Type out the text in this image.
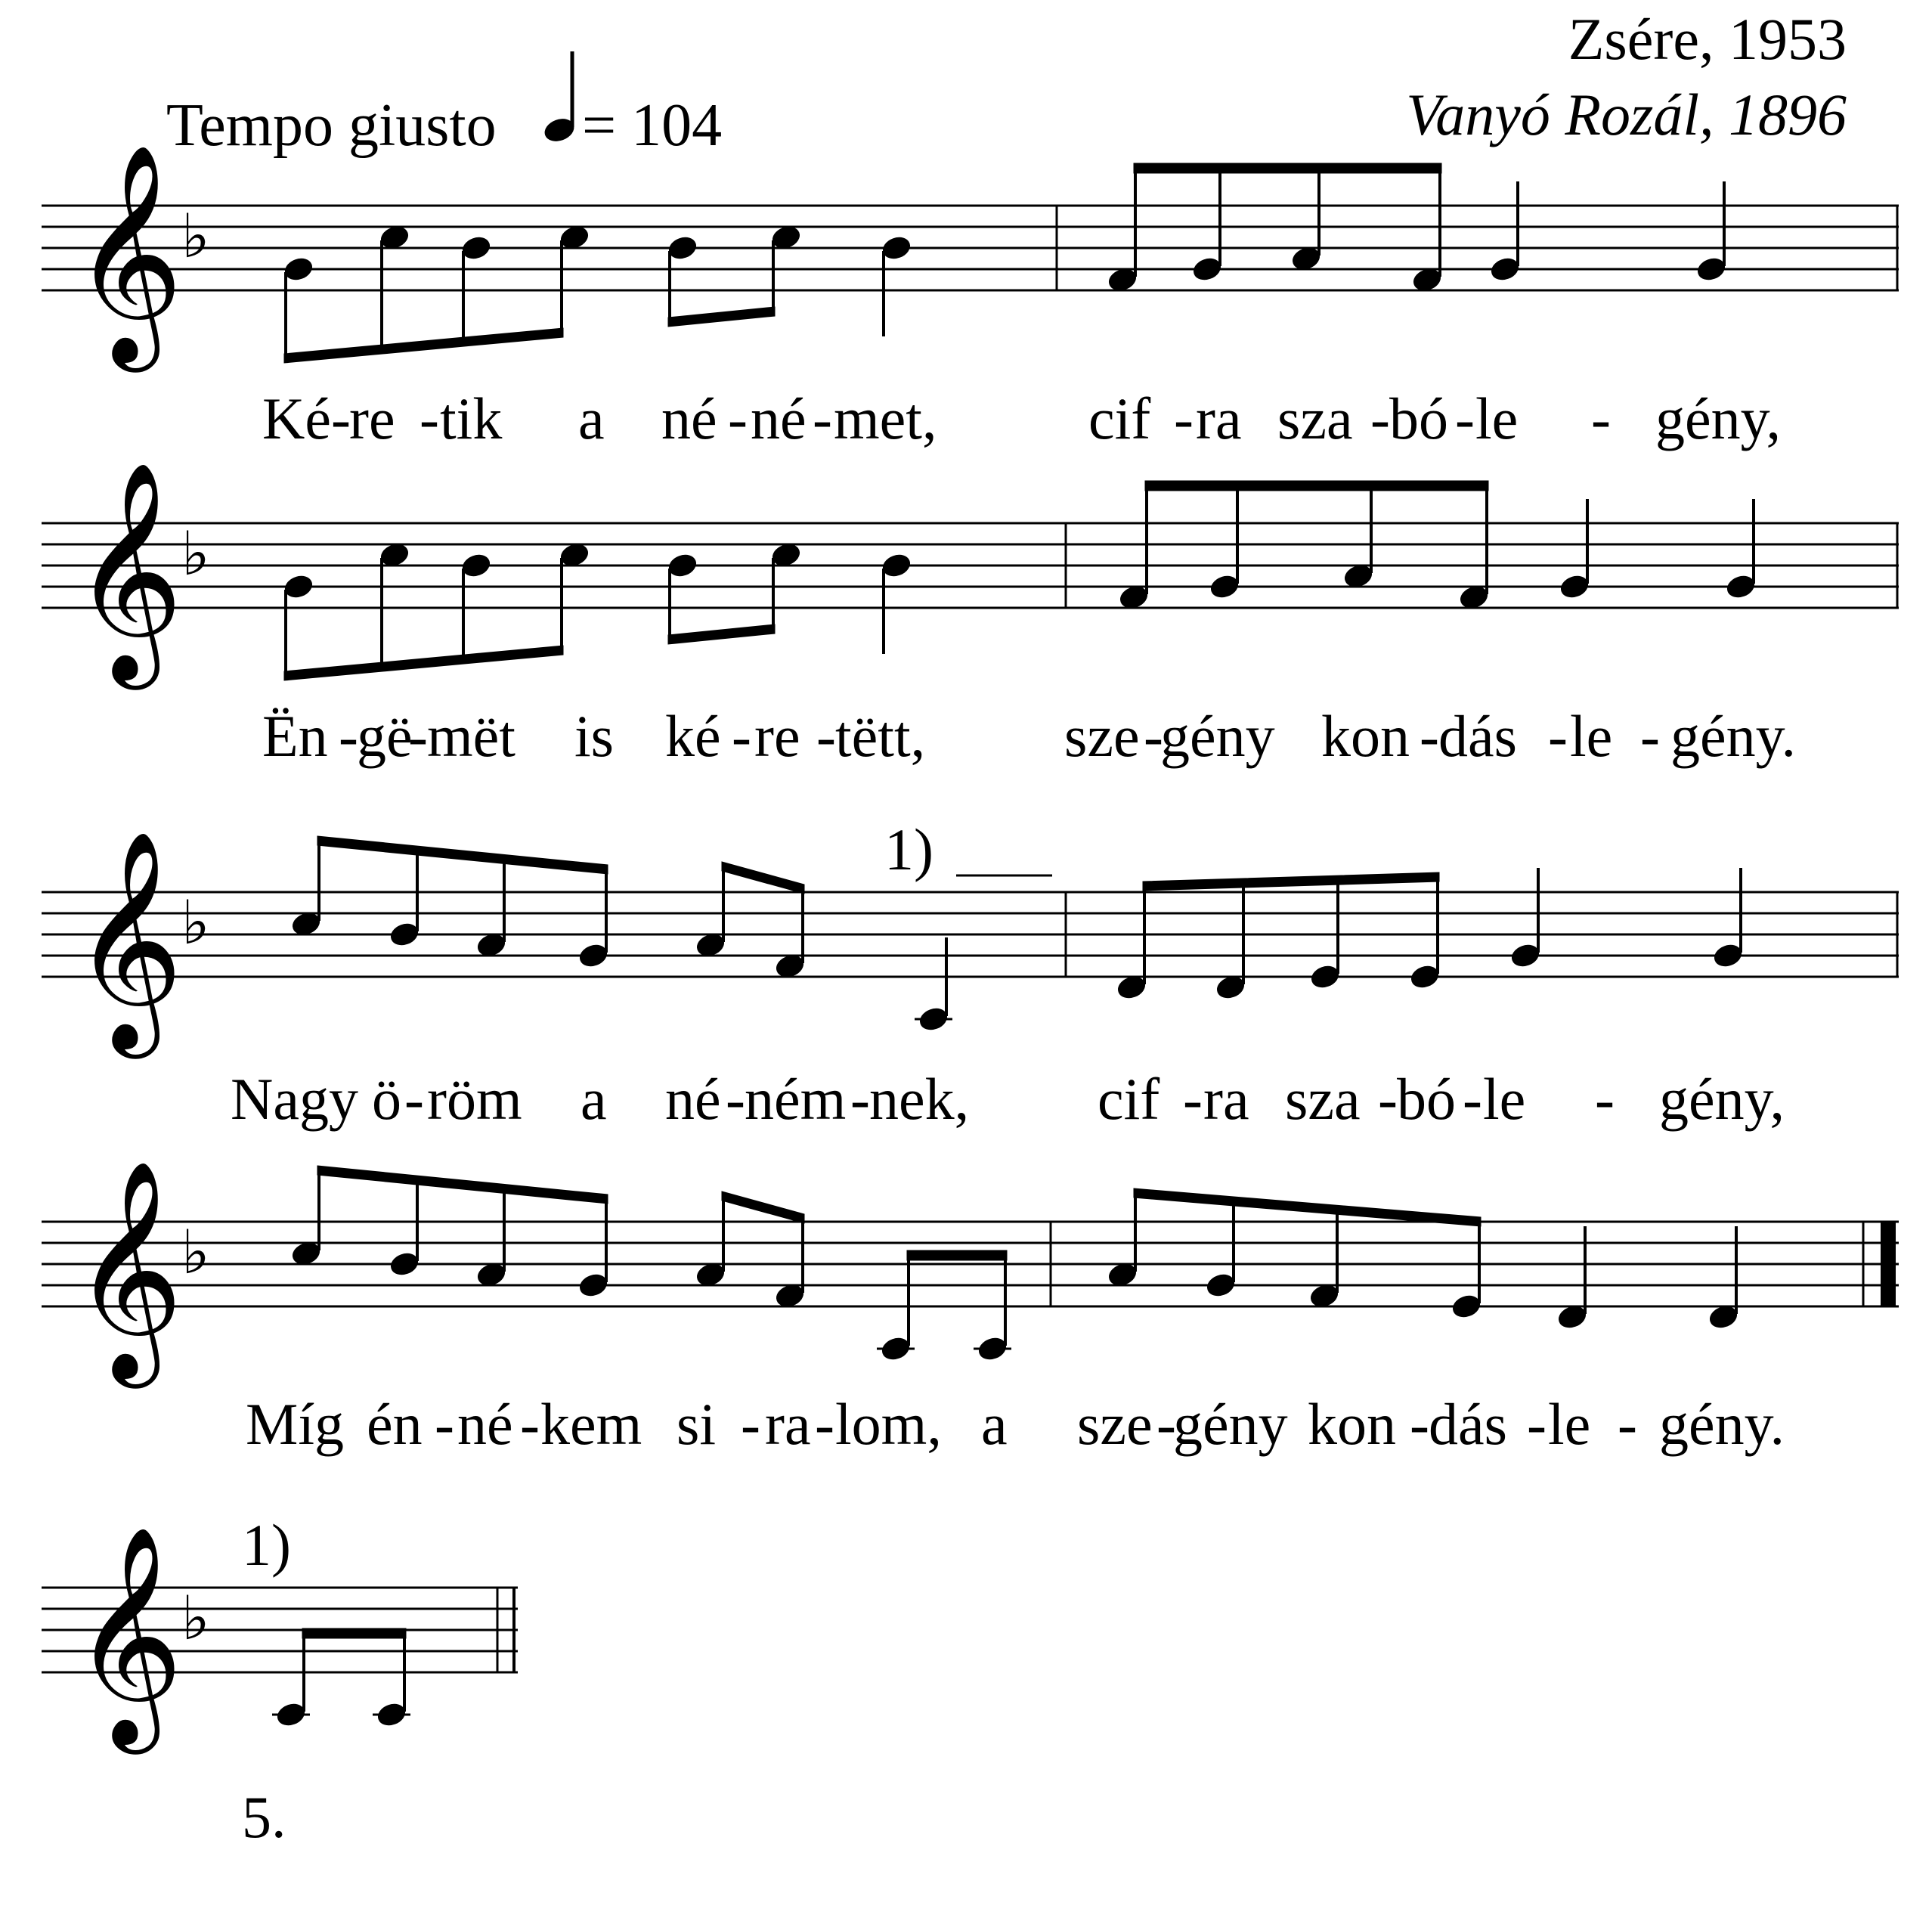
Zsére, 1953
Vanyó Rozál, 1896
Tempo giusto = 104
𝄞
♭
Ké -
re - tik a né - né - met,	cif - ra sza - bó - le - gény,
𝄞
♭
Ën -
gë
- mët is ké - re - tëtt, sze -
gény kon - dás - le - gény.
1)
𝄞
♭
Nagy ö - röm a né - ném - nek, cif - ra sza - bó - le - gény,
𝄞
♭
Míg én - né - kem si - ra - lom, a sze -
gény kon - dás - le - gény.
1)
𝄞
♭
5.
